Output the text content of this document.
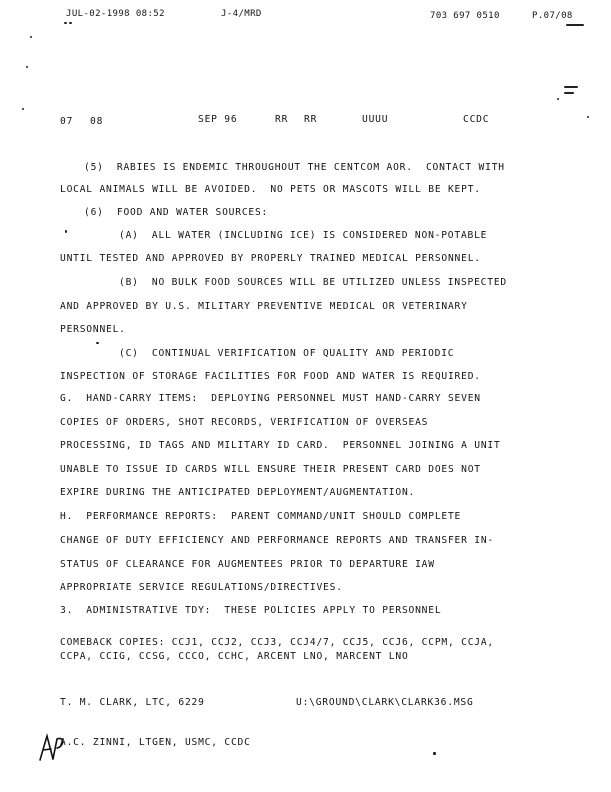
JUL-02-1998 08:52	J-4/MRD	703 697 0510	P.07/08
07 08	SEP 96	RR RR	UUUU	CCDC
(5)  RABIES IS ENDEMIC THROUGHOUT THE CENTCOM AOR.  CONTACT WITH
LOCAL ANIMALS WILL BE AVOIDED.  NO PETS OR MASCOTS WILL BE KEPT.
(6)  FOOD AND WATER SOURCES:
(A)  ALL WATER (INCLUDING ICE) IS CONSIDERED NON-POTABLE
UNTIL TESTED AND APPROVED BY PROPERLY TRAINED MEDICAL PERSONNEL.
(B)  NO BULK FOOD SOURCES WILL BE UTILIZED UNLESS INSPECTED
AND APPROVED BY U.S. MILITARY PREVENTIVE MEDICAL OR VETERINARY
PERSONNEL.
(C)  CONTINUAL VERIFICATION OF QUALITY AND PERIODIC
INSPECTION OF STORAGE FACILITIES FOR FOOD AND WATER IS REQUIRED.
G.  HAND-CARRY ITEMS:  DEPLOYING PERSONNEL MUST HAND-CARRY SEVEN
COPIES OF ORDERS, SHOT RECORDS, VERIFICATION OF OVERSEAS
PROCESSING, ID TAGS AND MILITARY ID CARD.  PERSONNEL JOINING A UNIT
UNABLE TO ISSUE ID CARDS WILL ENSURE THEIR PRESENT CARD DOES NOT
EXPIRE DURING THE ANTICIPATED DEPLOYMENT/AUGMENTATION.
H.  PERFORMANCE REPORTS:  PARENT COMMAND/UNIT SHOULD COMPLETE
CHANGE OF DUTY EFFICIENCY AND PERFORMANCE REPORTS AND TRANSFER IN-
STATUS OF CLEARANCE FOR AUGMENTEES PRIOR TO DEPARTURE IAW
APPROPRIATE SERVICE REGULATIONS/DIRECTIVES.
3.  ADMINISTRATIVE TDY:  THESE POLICIES APPLY TO PERSONNEL
COMEBACK COPIES: CCJ1, CCJ2, CCJ3, CCJ4/7, CCJ5, CCJ6, CCPM, CCJA,
CCPA, CCIG, CCSG, CCCO, CCHC, ARCENT LNO, MARCENT LNO
T. M. CLARK, LTC, 6229	U:\GROUND\CLARK\CLARK36.MSG
A.C. ZINNI, LTGEN, USMC, CCDC
